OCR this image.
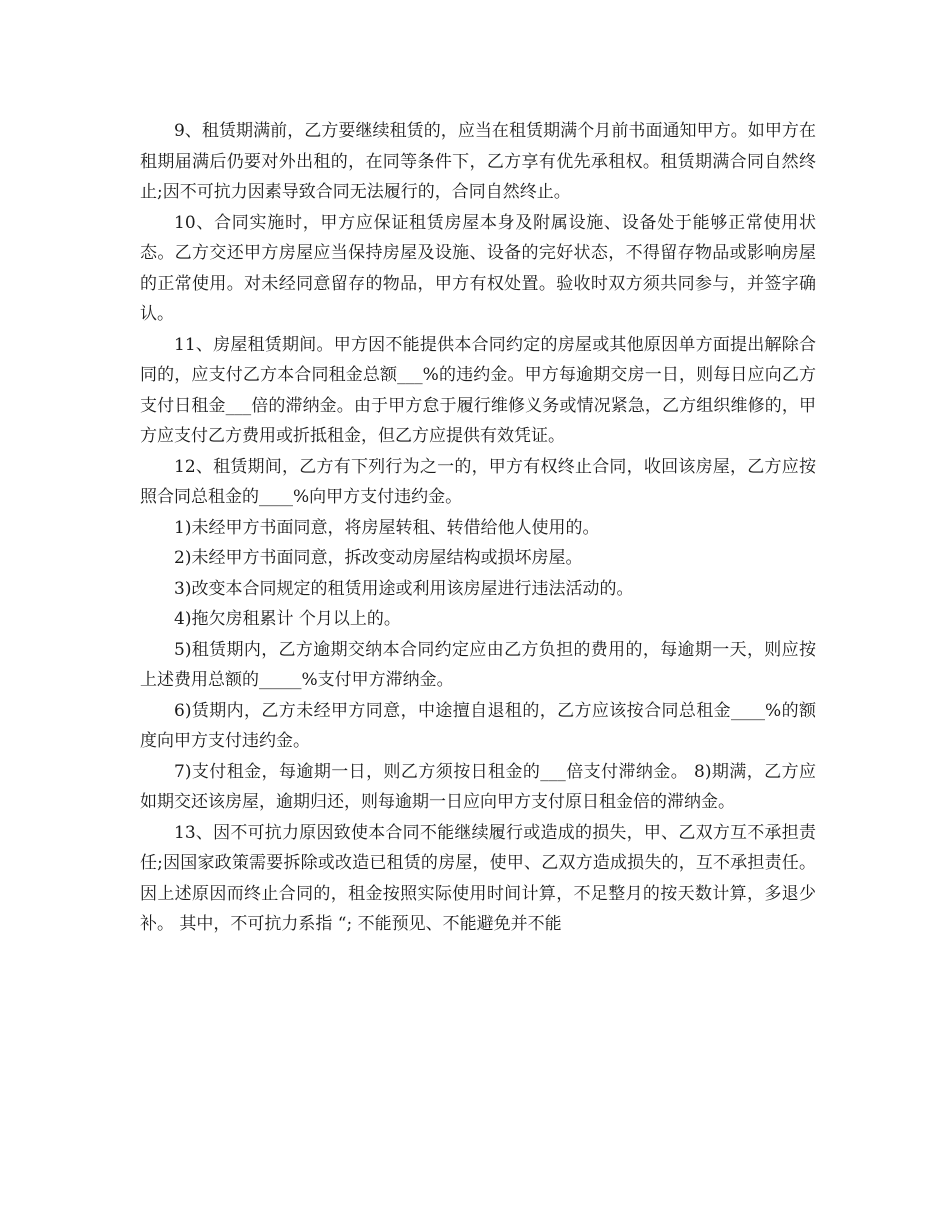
9、租赁期满前，乙方要继续租赁的，应当在租赁期满个月前书面通知甲方。如甲方在租期届满后仍要对外出租的，在同等条件下，乙方享有优先承租权。租赁期满合同自然终止;因不可抗力因素导致合同无法履行的，合同自然终止。

10、合同实施时，甲方应保证租赁房屋本身及附属设施、设备处于能够正常使用状态。乙方交还甲方房屋应当保持房屋及设施、设备的完好状态，不得留存物品或影响房屋的正常使用。对未经同意留存的物品，甲方有权处置。验收时双方须共同参与，并签字确认。

11、房屋租赁期间。甲方因不能提供本合同约定的房屋或其他原因单方面提出解除合同的，应支付乙方本合同租金总额___%的违约金。甲方每逾期交房一日，则每日应向乙方支付日租金___倍的滞纳金。由于甲方怠于履行维修义务或情况紧急，乙方组织维修的，甲方应支付乙方费用或折抵租金，但乙方应提供有效凭证。

12、租赁期间，乙方有下列行为之一的，甲方有权终止合同，收回该房屋，乙方应按照合同总租金的____%向甲方支付违约金。

1)未经甲方书面同意，将房屋转租、转借给他人使用的。

2)未经甲方书面同意，拆改变动房屋结构或损坏房屋。

3)改变本合同规定的租赁用途或利用该房屋进行违法活动的。

4)拖欠房租累计 个月以上的。

5)租赁期内，乙方逾期交纳本合同约定应由乙方负担的费用的，每逾期一天，则应按上述费用总额的_____%支付甲方滞纳金。

6)赁期内，乙方未经甲方同意，中途擅自退租的，乙方应该按合同总租金____%的额度向甲方支付违约金。

7)支付租金，每逾期一日，则乙方须按日租金的___倍支付滞纳金。 8)期满，乙方应如期交还该房屋，逾期归还，则每逾期一日应向甲方支付原日租金倍的滞纳金。

13、因不可抗力原因致使本合同不能继续履行或造成的损失，甲、乙双方互不承担责任;因国家政策需要拆除或改造已租赁的房屋，使甲、乙双方造成损失的，互不承担责任。因上述原因而终止合同的，租金按照实际使用时间计算，不足整月的按天数计算，多退少补。 其中，不可抗力系指 “; 不能预见、不能避免并不能
